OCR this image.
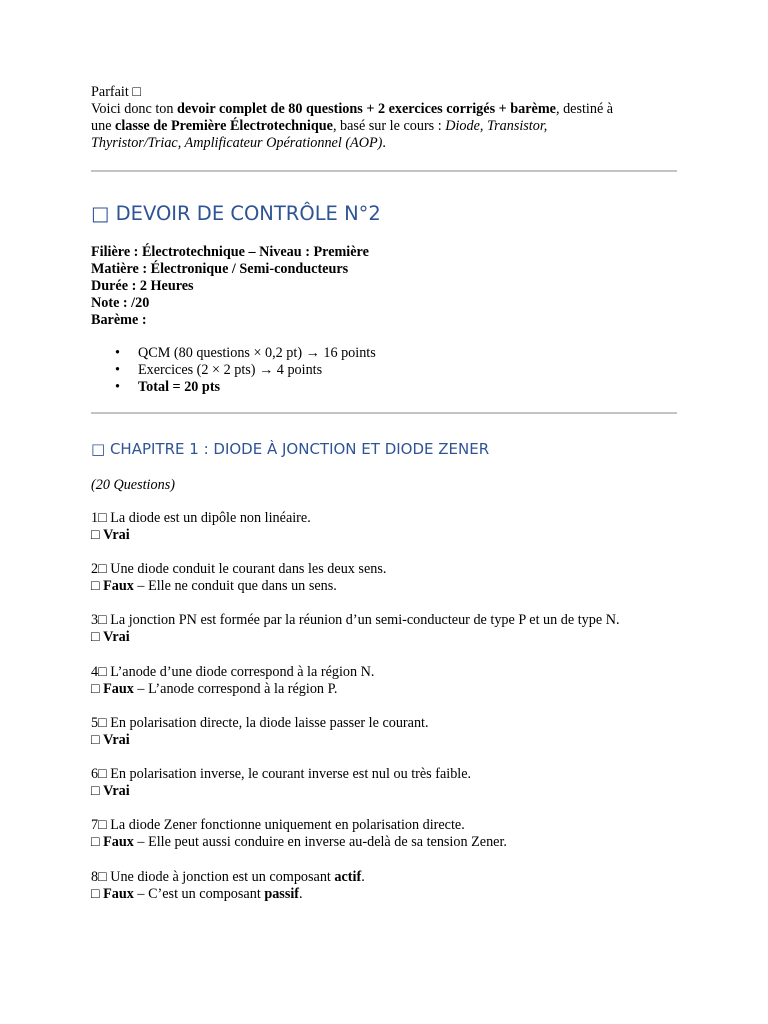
Parfait □

Voici donc ton devoir complet de 80 questions + 2 exercices corrigés + barème, destiné à

une classe de Première Électrotechnique, basé sur le cours : Diode, Transistor,

Thyristor/Triac, Amplificateur Opérationnel (AOP).

□ DEVOIR DE CONTRÔLE N°2

Filière : Électrotechnique – Niveau : Première

Matière : Électronique / Semi-conducteurs

Durée : 2 Heures

Note : /20

Barème :

• QCM (80 questions × 0,2 pt) → 16 points
• Exercices (2 × 2 pts) → 4 points
• Total = 20 pts
□ CHAPITRE 1 : DIODE À JONCTION ET DIODE ZENER

(20 Questions)

1□ La diode est un dipôle non linéaire.
□ Vrai
2□ Une diode conduit le courant dans les deux sens.
□ Faux – Elle ne conduit que dans un sens.
3□ La jonction PN est formée par la réunion d’un semi-conducteur de type P et un de type N.
□ Vrai
4□ L’anode d’une diode correspond à la région N.
□ Faux – L’anode correspond à la région P.
5□ En polarisation directe, la diode laisse passer le courant.
□ Vrai
6□ En polarisation inverse, le courant inverse est nul ou très faible.
□ Vrai
7□ La diode Zener fonctionne uniquement en polarisation directe.
□ Faux – Elle peut aussi conduire en inverse au-delà de sa tension Zener.
8□ Une diode à jonction est un composant actif.
□ Faux – C’est un composant passif.
